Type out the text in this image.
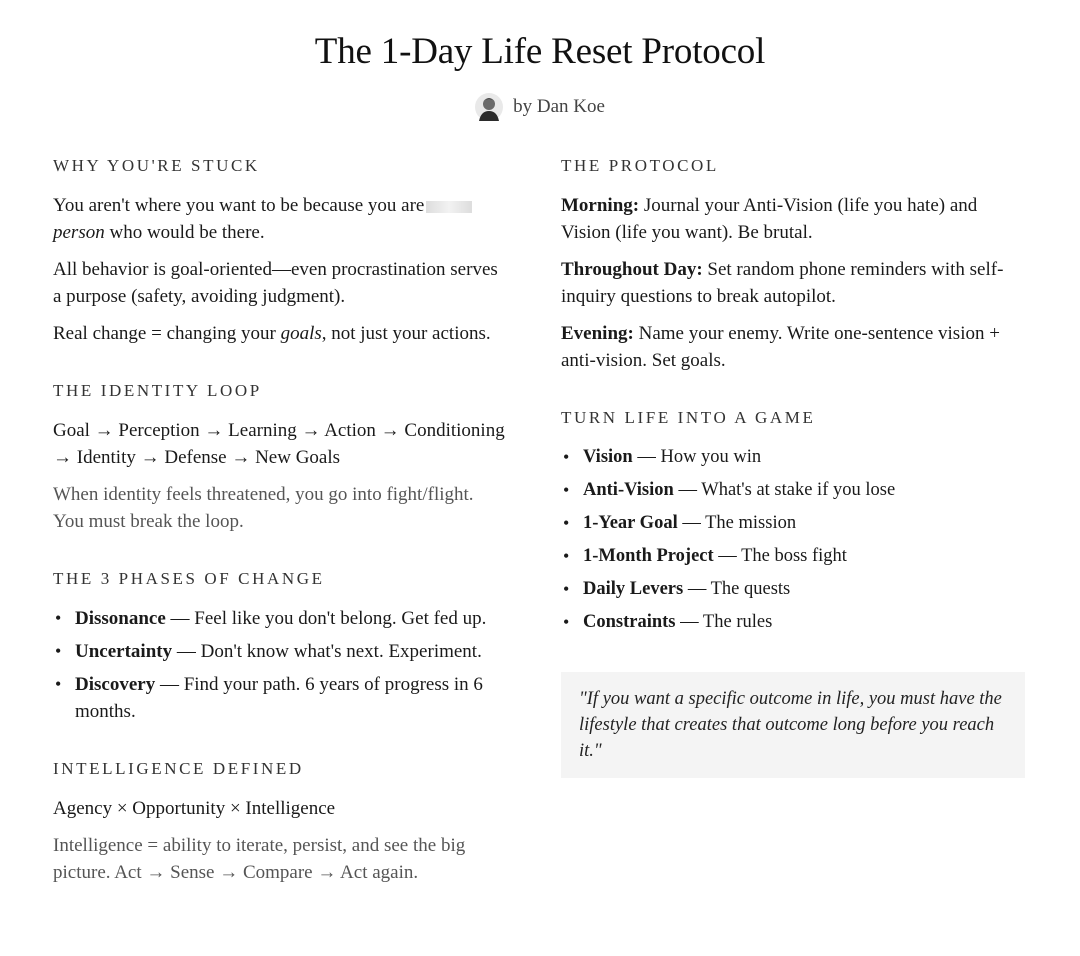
The 1-Day Life Reset Protocol
by Dan Koe
WHY YOU'RE STUCK

You aren't where you want to be because you are person who would be there.

All behavior is goal-oriented—even procrastination serves a purpose (safety, avoiding judgment).

Real change = changing your goals, not just your actions.

THE IDENTITY LOOP

Goal → Perception → Learning → Action → Conditioning → Identity → Defense → New Goals

When identity feels threatened, you go into fight/flight. You must break the loop.

THE 3 PHASES OF CHANGE
• Dissonance — Feel like you don't belong. Get fed up.
• Uncertainty — Don't know what's next. Experiment.
• Discovery — Find your path. 6 years of progress in 6 months.
INTELLIGENCE DEFINED

Agency × Opportunity × Intelligence

Intelligence = ability to iterate, persist, and see the big picture. Act → Sense → Compare → Act again.

THE PROTOCOL

Morning: Journal your Anti-Vision (life you hate) and Vision (life you want). Be brutal.

Throughout Day: Set random phone reminders with self-inquiry questions to break autopilot.

Evening: Name your enemy. Write one-sentence vision + anti-vision. Set goals.

TURN LIFE INTO A GAME
• Vision — How you win
• Anti-Vision — What's at stake if you lose
• 1-Year Goal — The mission
• 1-Month Project — The boss fight
• Daily Levers — The quests
• Constraints — The rules
"If you want a specific outcome in life, you must have the lifestyle that creates that outcome long before you reach it."
